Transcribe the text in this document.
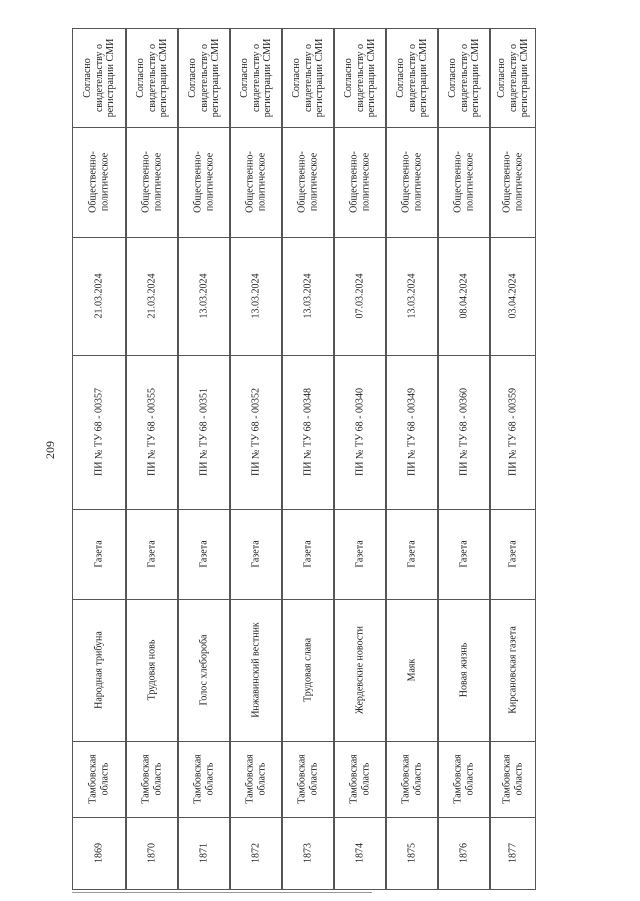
209
Согласно
свидетельству о
регистрации СМИ
Общественно-
политическое
21.03.2024
ПИ № ТУ 68 - 00357
Газета
Народная трибуна
Тамбовская
область
1869
Согласно
свидетельству о
регистрации СМИ
Общественно-
политическое
21.03.2024
ПИ № ТУ 68 - 00355
Газета
Трудовая новь
Тамбовская
область
1870
Согласно
свидетельству о
регистрации СМИ
Общественно-
политическое
13.03.2024
ПИ № ТУ 68 - 00351
Газета
Голос хлебороба
Тамбовская
область
1871
Согласно
свидетельству о
регистрации СМИ
Общественно-
политическое
13.03.2024
ПИ № ТУ 68 - 00352
Газета
Инжавинский вестник
Тамбовская
область
1872
Согласно
свидетельству о
регистрации СМИ
Общественно-
политическое
13.03.2024
ПИ № ТУ 68 - 00348
Газета
Трудовая слава
Тамбовская
область
1873
Согласно
свидетельству о
регистрации СМИ
Общественно-
политическое
07.03.2024
ПИ № ТУ 68 - 00340
Газета
Жердевские новости
Тамбовская
область
1874
Согласно
свидетельству о
регистрации СМИ
Общественно-
политическое
13.03.2024
ПИ № ТУ 68 - 00349
Газета
Маяк
Тамбовская
область
1875
Согласно
свидетельству о
регистрации СМИ
Общественно-
политическое
08.04.2024
ПИ № ТУ 68 - 00360
Газета
Новая жизнь
Тамбовская
область
1876
Согласно
свидетельству о
регистрации СМИ
Общественно-
политическое
03.04.2024
ПИ № ТУ 68 - 00359
Газета
Кирсановская газета
Тамбовская
область
1877
